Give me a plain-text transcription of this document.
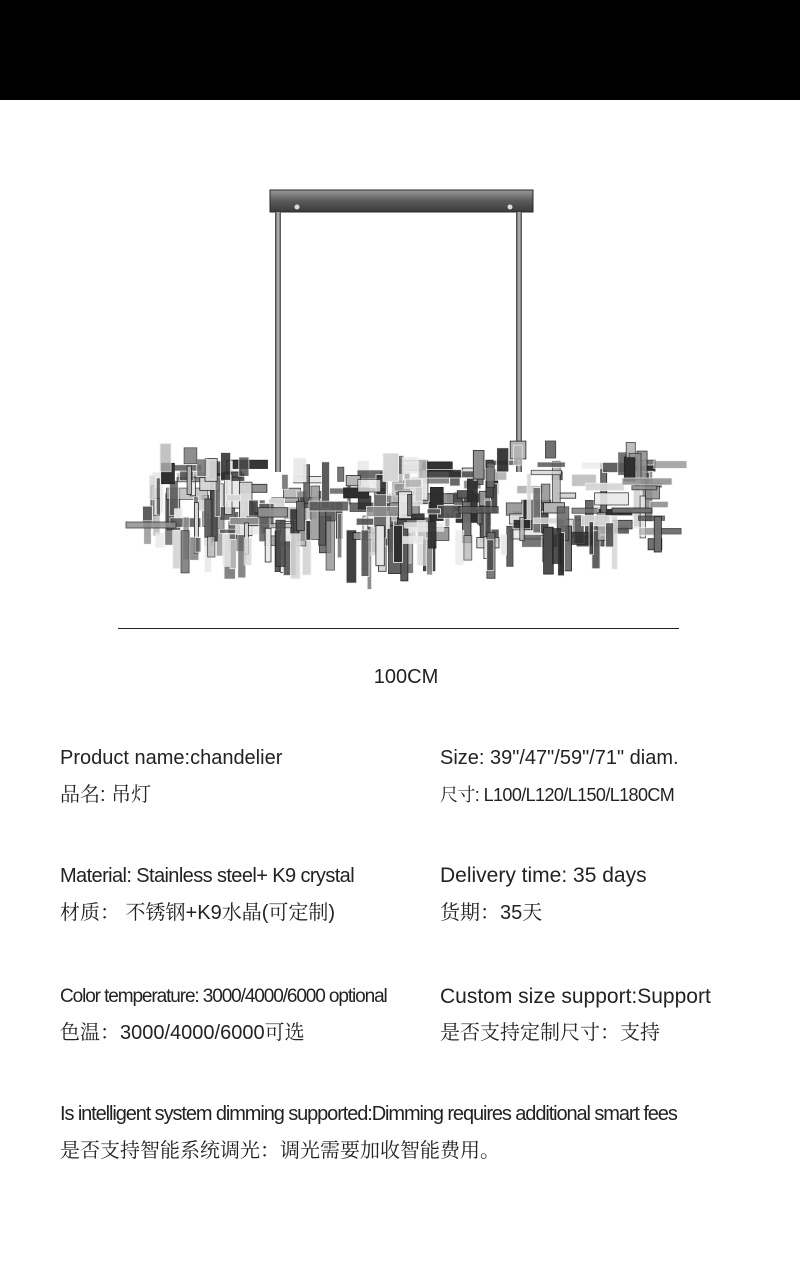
100CM
Product name:chandelier
品名: 吊灯
Size: 39"/47"/59"/71" diam.
尺寸: L100/L120/L150/L180CM
Material: Stainless steel+ K9 crystal
材质： 不锈钢+K9水晶(可定制)
Delivery time: 35 days
货期：35天
Color temperature: 3000/4000/6000 optional
色温：3000/4000/6000可选
Custom size support:Support
是否支持定制尺寸：支持
Is intelligent system dimming supported:Dimming requires additional smart fees
是否支持智能系统调光：调光需要加收智能费用。
